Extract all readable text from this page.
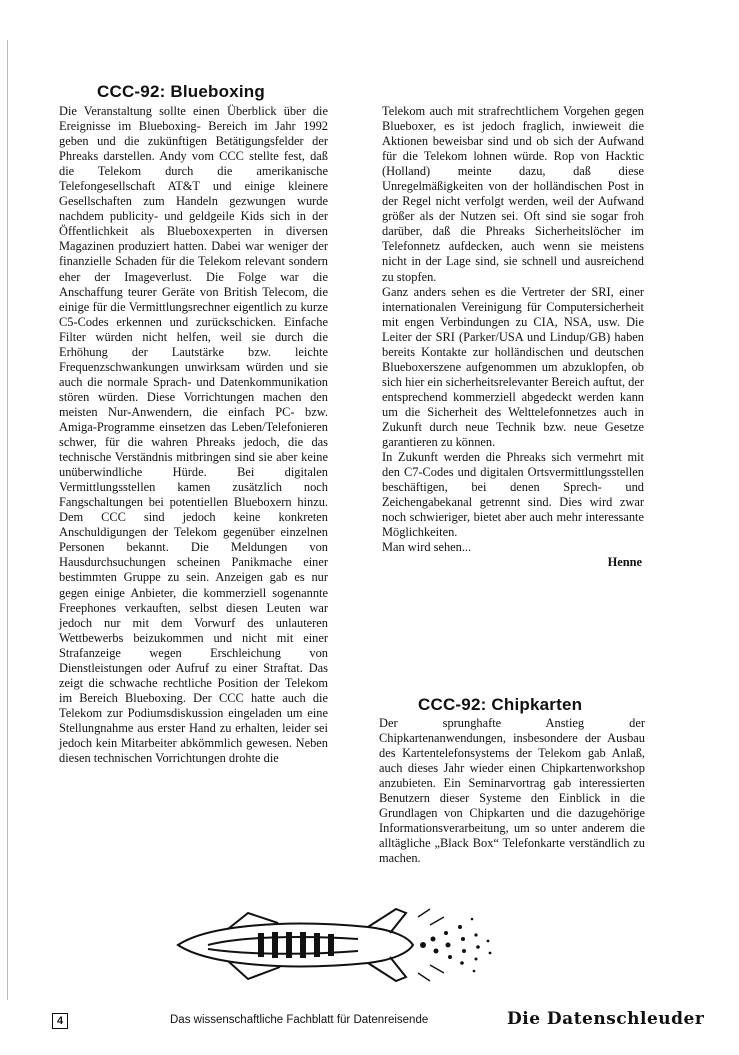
CCC-92: Blueboxing

Die Veranstaltung sollte einen Überblick über die Ereignisse im Blueboxing- Bereich im Jahr 1992 geben und die zukünftigen Betätigungsfelder der Phreaks darstellen. Andy vom CCC stellte fest, daß die Telekom durch die amerikanische Telefongesellschaft AT&T und einige kleinere Gesellschaften zum Handeln gezwungen wurde nachdem publicity- und geldgeile Kids sich in der Öffentlichkeit als Blueboxexperten in diversen Magazinen produziert hatten. Dabei war weniger der finanzielle Schaden für die Telekom relevant sondern eher der Imageverlust. Die Folge war die Anschaffung teurer Geräte von British Telecom, die einige für die Vermittlungsrechner eigentlich zu kurze C5-Codes erkennen und zurückschicken. Einfache Filter würden nicht helfen, weil sie durch die Erhöhung der Lautstärke bzw. leichte Frequenzschwankungen unwirksam würden und sie auch die normale Sprach- und Datenkommunikation stören würden. Diese Vorrichtungen machen den meisten Nur-Anwendern, die einfach PC- bzw. Amiga-Programme einsetzen das Leben/Telefonieren schwer, für die wahren Phreaks jedoch, die das technische Verständnis mitbringen sind sie aber keine unüberwindliche Hürde. Bei digitalen Vermittlungsstellen kamen zusätzlich noch Fangschaltungen bei potentiellen Blueboxern hinzu. Dem CCC sind jedoch keine konkreten Anschuldigungen der Telekom gegenüber einzelnen Personen bekannt. Die Meldungen von Hausdurchsuchungen scheinen Panikmache einer bestimmten Gruppe zu sein. Anzeigen gab es nur gegen einige Anbieter, die kommerziell sogenannte Freephones verkauften, selbst diesen Leuten war jedoch nur mit dem Vorwurf des unlauteren Wettbewerbs beizukommen und nicht mit einer Strafanzeige wegen Erschleichung von Dienstleistungen oder Aufruf zu einer Straftat. Das zeigt die schwache rechtliche Position der Telekom im Bereich Blueboxing. Der CCC hatte auch die Telekom zur Podiumsdiskussion eingeladen um eine Stellungnahme aus erster Hand zu erhalten, leider sei jedoch kein Mitarbeiter abkömmlich gewesen. Neben diesen technischen Vorrichtungen drohte die

Telekom auch mit strafrechtlichem Vorgehen gegen Blueboxer, es ist jedoch fraglich, inwieweit die Aktionen beweisbar sind und ob sich der Aufwand für die Telekom lohnen würde. Rop von Hacktic (Holland) meinte dazu, daß diese Unregelmäßigkeiten von der holländischen Post in der Regel nicht verfolgt werden, weil der Aufwand größer als der Nutzen sei. Oft sind sie sogar froh darüber, daß die Phreaks Sicherheitslöcher im Telefonnetz aufdecken, auch wenn sie meistens nicht in der Lage sind, sie schnell und ausreichend zu stopfen.

Ganz anders sehen es die Vertreter der SRI, einer internationalen Vereinigung für Computersicherheit mit engen Verbindungen zu CIA, NSA, usw. Die Leiter der SRI (Parker/USA und Lindup/GB) haben bereits Kontakte zur holländischen und deutschen Blueboxerszene aufgenommen um abzuklopfen, ob sich hier ein sicherheitsrelevanter Bereich auftut, der entsprechend kommerziell abgedeckt werden kann um die Sicherheit des Welttelefonnetzes auch in Zukunft durch neue Technik bzw. neue Gesetze garantieren zu können.

In Zukunft werden die Phreaks sich vermehrt mit den C7-Codes und digitalen Ortsvermittlungsstellen beschäftigen, bei denen Sprech- und Zeichengabekanal getrennt sind. Dies wird zwar noch schwieriger, bietet aber auch mehr interessante Möglichkeiten.

Man wird sehen...

Henne

CCC-92: Chipkarten

Der sprunghafte Anstieg der Chipkartenanwendungen, insbesondere der Ausbau des Kartentelefonsystems der Telekom gab Anlaß, auch dieses Jahr wieder einen Chipkartenworkshop anzubieten. Ein Seminarvortrag gab interessierten Benutzern dieser Systeme den Einblick in die Grundlagen von Chipkarten und die dazugehörige Informationsverarbeitung, um so unter anderem die alltägliche „Black Box“ Telefonkarte verständlich zu machen.

4	Das wissenschaftliche Fachblatt für Datenreisende	Die Datenschleuder
